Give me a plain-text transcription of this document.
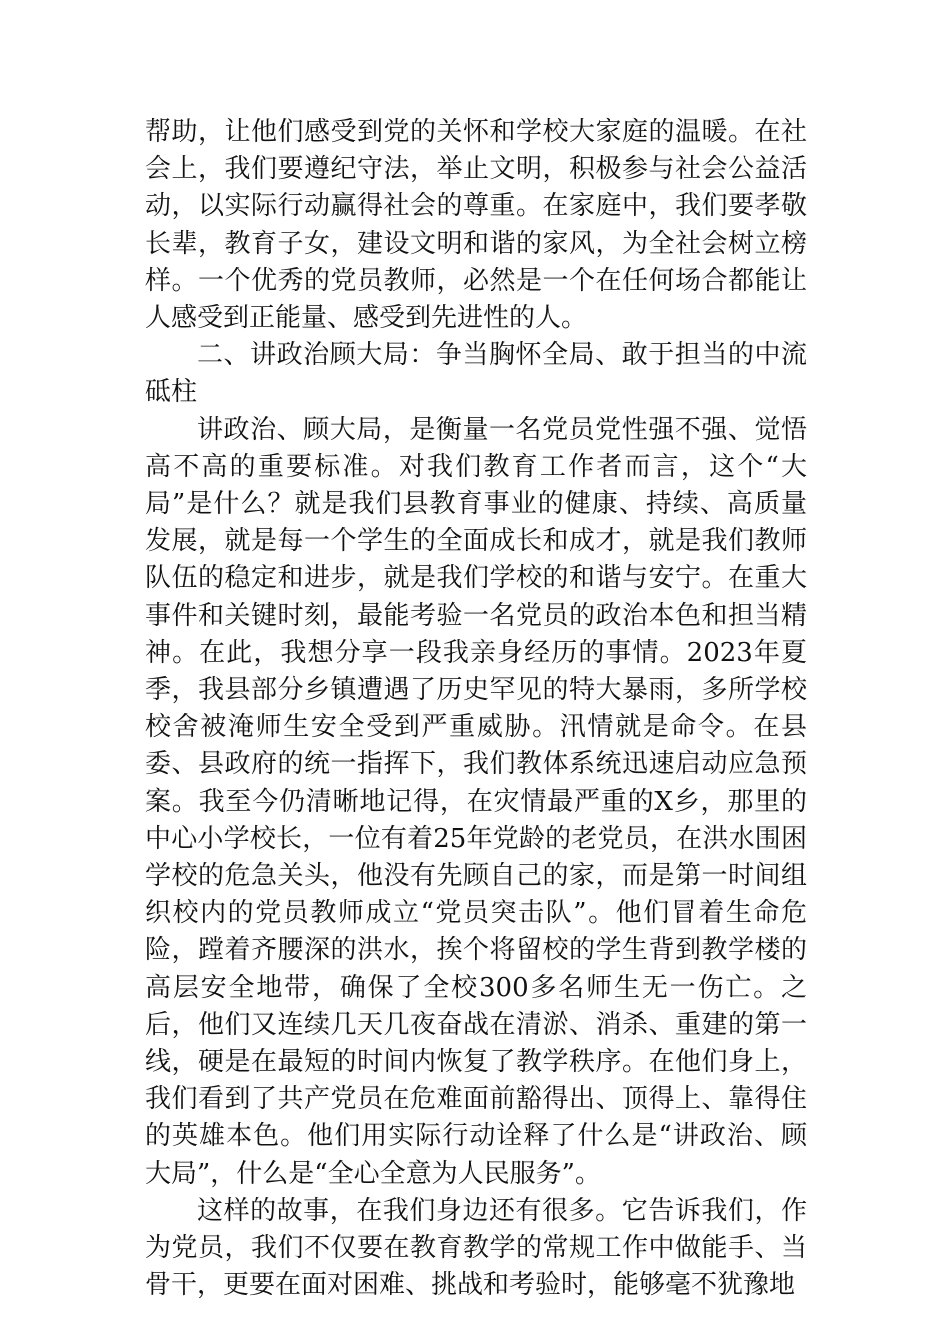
帮助，让他们感受到党的关怀和学校大家庭的温暖。在社会上，我们要遵纪守法，举止文明，积极参与社会公益活动，以实际行动赢得社会的尊重。在家庭中，我们要孝敬长辈，教育子女，建设文明和谐的家风，为全社会树立榜样。一个优秀的党员教师，必然是一个在任何场合都能让人感受到正能量、感受到先进性的人。

二、讲政治顾大局：争当胸怀全局、敢于担当的中流砥柱

讲政治、顾大局，是衡量一名党员党性强不强、觉悟高不高的重要标准。对我们教育工作者而言，这个“大局”是什么？就是我们县教育事业的健康、持续、高质量发展，就是每一个学生的全面成长和成才，就是我们教师队伍的稳定和进步，就是我们学校的和谐与安宁。在重大事件和关键时刻，最能考验一名党员的政治本色和担当精神。在此，我想分享一段我亲身经历的事情。2023年夏季，我县部分乡镇遭遇了历史罕见的特大暴雨，多所学校校舍被淹师生安全受到严重威胁。汛情就是命令。在县委、县政府的统一指挥下，我们教体系统迅速启动应急预案。我至今仍清晰地记得，在灾情最严重的X乡，那里的中心小学校长，一位有着25年党龄的老党员，在洪水围困学校的危急关头，他没有先顾自己的家，而是第一时间组织校内的党员教师成立“党员突击队”。他们冒着生命危险，蹚着齐腰深的洪水，挨个将留校的学生背到教学楼的高层安全地带，确保了全校300多名师生无一伤亡。之后，他们又连续几天几夜奋战在清淤、消杀、重建的第一线，硬是在最短的时间内恢复了教学秩序。在他们身上，我们看到了共产党员在危难面前豁得出、顶得上、靠得住的英雄本色。他们用实际行动诠释了什么是“讲政治、顾大局”，什么是“全心全意为人民服务”。

这样的故事，在我们身边还有很多。它告诉我们，作为党员，我们不仅要在教育教学的常规工作中做能手、当骨干，更要在面对困难、挑战和考验时，能够毫不犹豫地
